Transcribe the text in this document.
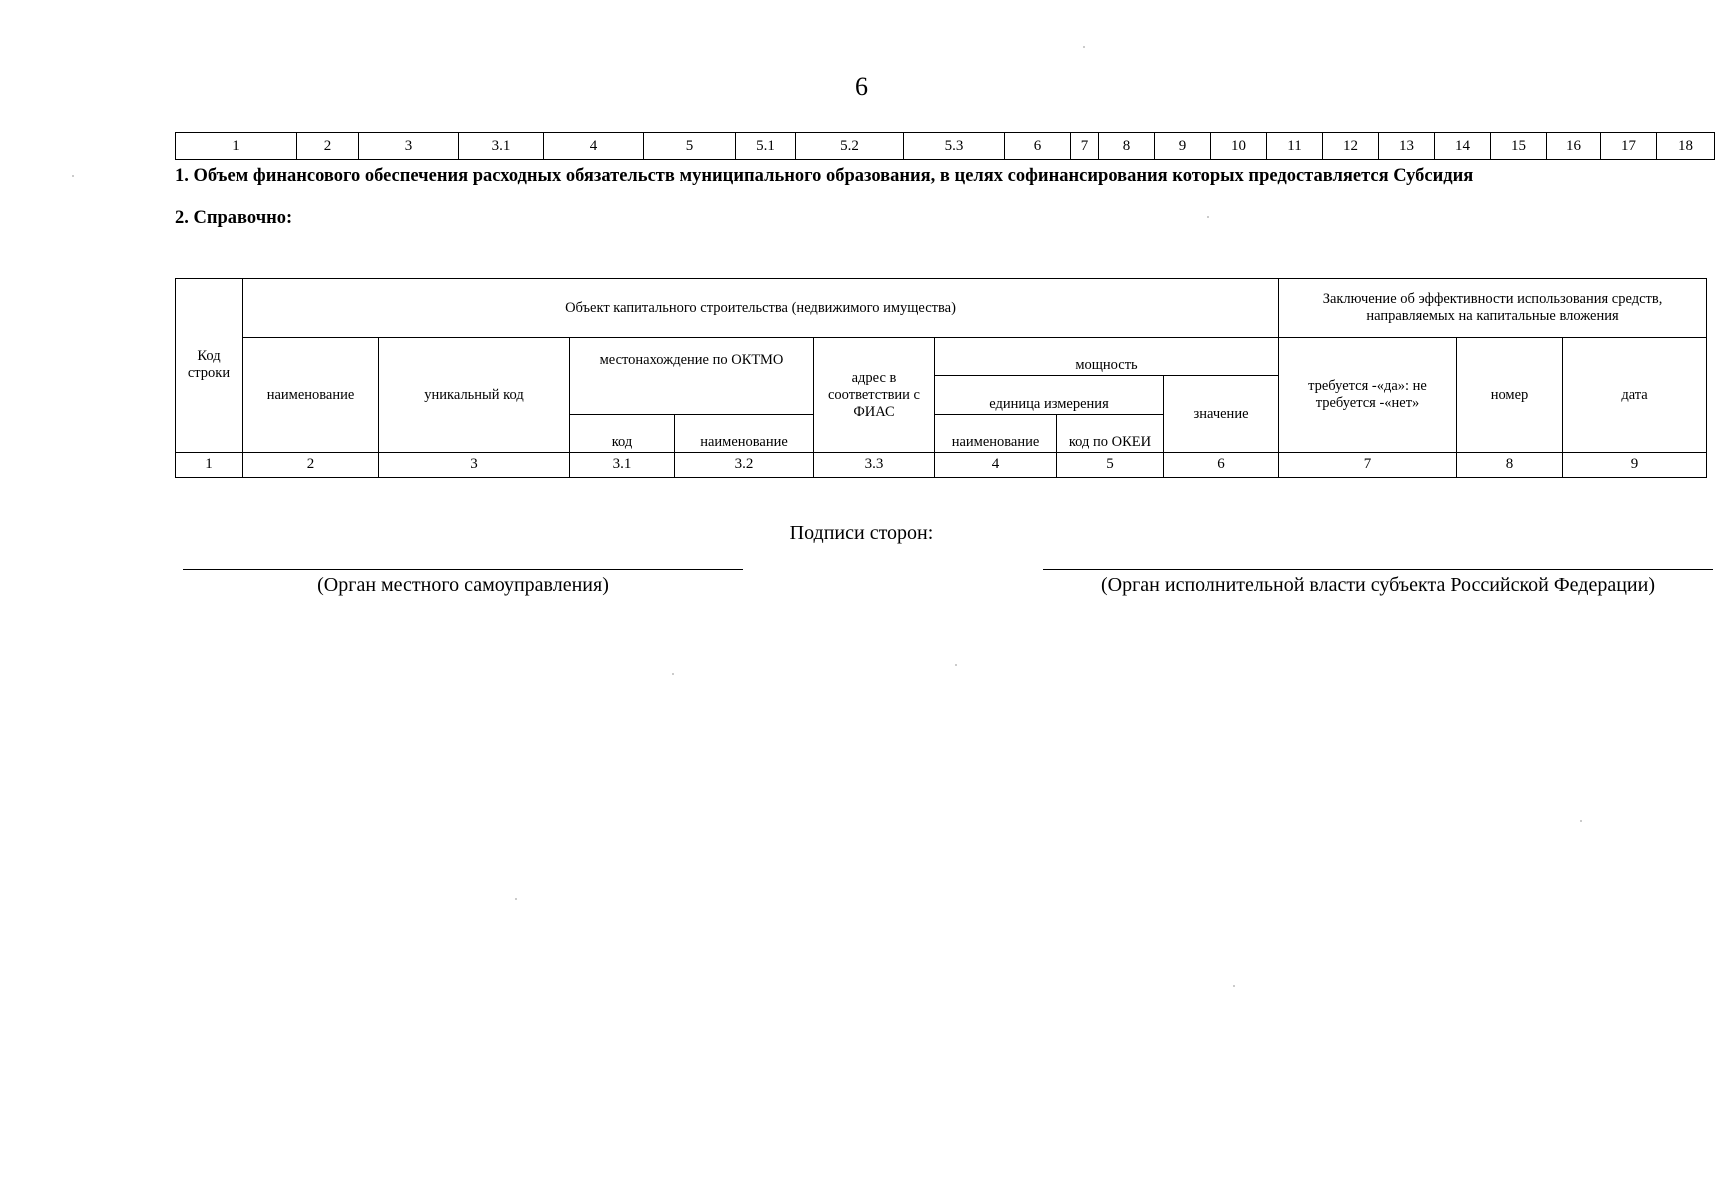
6
1	2	3	3.1	4	5	5.1	5.2	5.3	6	7	8	9	10	11	12	13	14	15	16	17	18
1. Объем финансового обеспечения расходных обязательств муниципального образования, в целях софинансирования которых предоставляется Субсидия
2. Справочно:
Код строки	Объект капитального строительства (недвижимого имущества)								Заключение об эффективности использования средств, направляемых на капитальные вложения		
	наименование	уникальный код	местонахождение по ОКТМО		адрес в соответствии с ФИАС	мощность			требуется -«да»: не требуется -«нет»	номер	дата
						единица измерения		значение			
			код	наименование		наименование	код по ОКЕИ				
1	2	3	3.1	3.2	3.3	4	5	6	7	8	9
Подписи сторон:
(Орган местного самоуправления)	(Орган исполнительной власти субъекта Российской Федерации)
